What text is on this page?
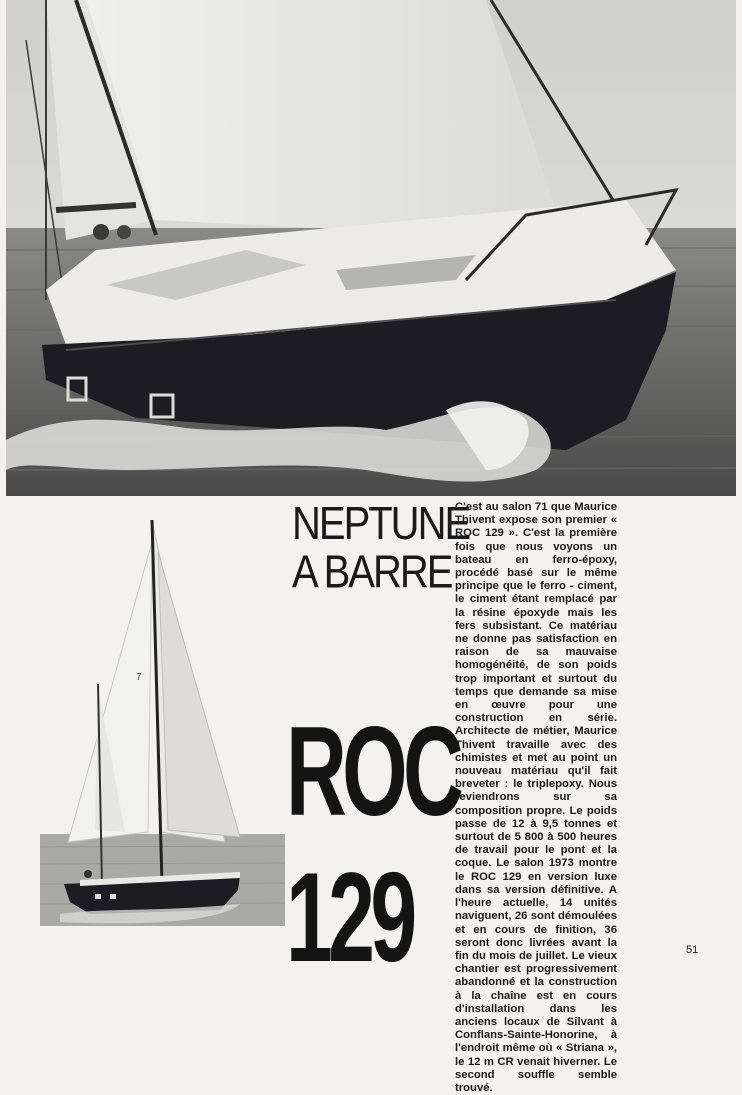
7
NEPTUNE
A BARRE
ROC
129
C'est au salon 71 que Maurice Thivent expose son premier « ROC 129 ». C'est la première fois que nous voyons un bateau en ferro-époxy, procédé basé sur le même principe que le ferro - ciment, le ciment étant remplacé par la résine époxyde mais les fers subsistant. Ce matériau ne donne pas satisfaction en raison de sa mauvaise homogénéité, de son poids trop important et surtout du temps que demande sa mise en œuvre pour une construction en série. Architecte de métier, Maurice Thivent travaille avec des chimistes et met au point un nouveau matériau qu'il fait breveter : le triplepoxy. Nous reviendrons sur sa composition propre. Le poids passe de 12 à 9,5 tonnes et surtout de 5 800 à 500 heures de travail pour le pont et la coque. Le salon 1973 montre le ROC 129 en version luxe dans sa version définitive. A l'heure actuelle, 14 unités naviguent, 26 sont démoulées et en cours de finition, 36 seront donc livrées avant la fin du mois de juillet. Le vieux chantier est progressivement abandonné et la construction à la chaîne est en cours d'installation dans les anciens locaux de Silvant à Conflans-Sainte-Honorine, à l'endroit même où « Striana », le 12 m CR venait hiverner. Le second souffle semble trouvé.
51
